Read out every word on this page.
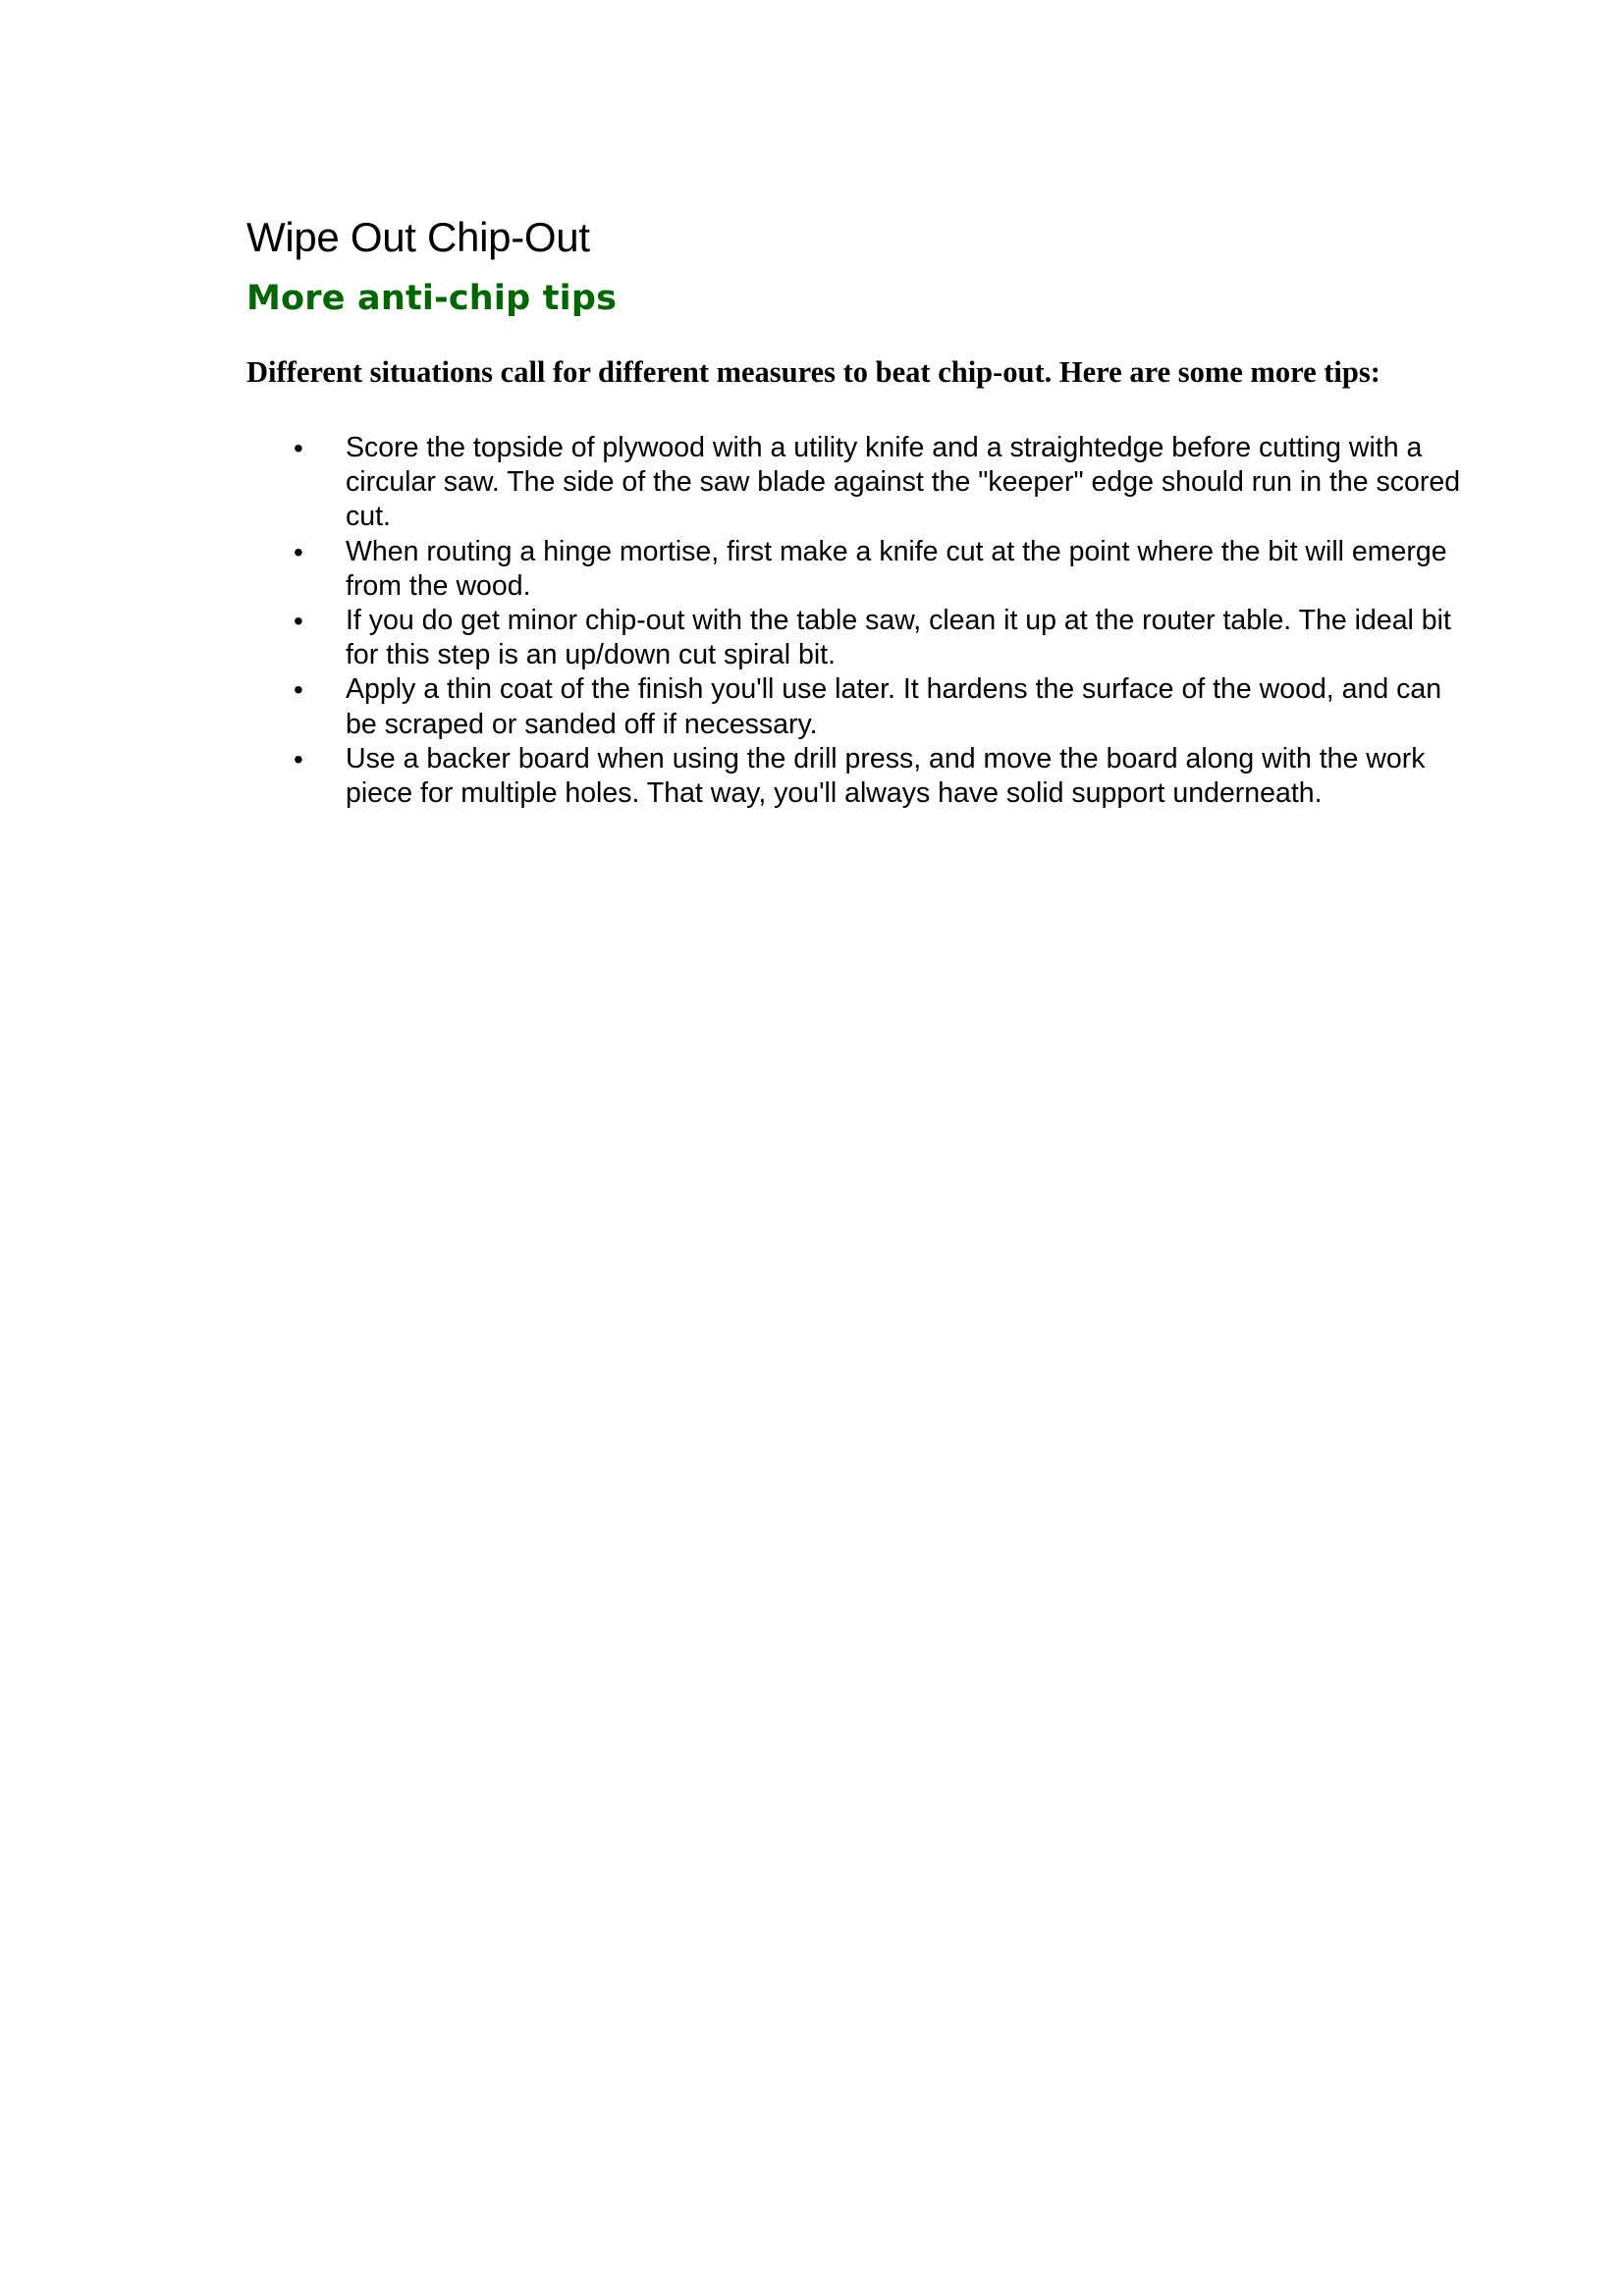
Wipe Out Chip-Out
More anti-chip tips

Different situations call for different measures to beat chip-out. Here are some more tips:

• Score the topside of plywood with a utility knife and a straightedge before cutting with a circular saw. The side of the saw blade against the "keeper" edge should run in the scored cut.
• When routing a hinge mortise, first make a knife cut at the point where the bit will emerge from the wood.
• If you do get minor chip-out with the table saw, clean it up at the router table. The ideal bit for this step is an up/down cut spiral bit.
• Apply a thin coat of the finish you'll use later. It hardens the surface of the wood, and can be scraped or sanded off if necessary.
• Use a backer board when using the drill press, and move the board along with the work piece for multiple holes. That way, you'll always have solid support underneath.
